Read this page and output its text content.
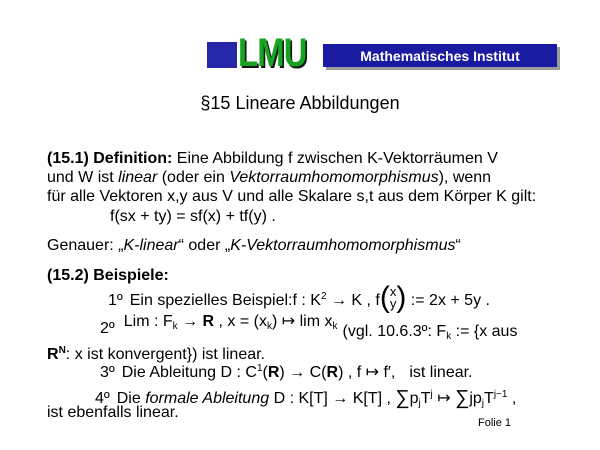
LMU	Mathematisches Institut
§15 Lineare Abbildungen
(15.1) Definition: Eine Abbildung f zwischen K-Vektorräumen V
und W ist linear (oder ein Vektorraumhomomorphismus), wenn
für alle Vektoren x,y aus V und alle Skalare s,t aus dem Körper K gilt:
f(sx + ty) = sf(x) + tf(y) .
Genauer: „K-linear“ oder „K-Vektorraumhomomorphismus“
(15.2) Beispiele:
1º Ein spezielles Beispiel:f : $K^2 \to K$ , f ( x
y ) := 2x + 5y .
2º Lim : $F_k \to R$ , $x = (x_k)$ ↦ $\lim x_k$ (vgl. 10.6.3º: $F_k$ := {x aus
$R^N$: x ist konvergent}) ist linear.
3º Die Ableitung D : $C^1(R) \to C(R)$ , f ↦ f′, ist linear.
4º Die formale Ableitung D : K[T] → K[T] , $\sum p_jT^j$ ↦ $\sum jp_jT^{j-1}$ ,
ist ebenfalls linear.
Folie 1
